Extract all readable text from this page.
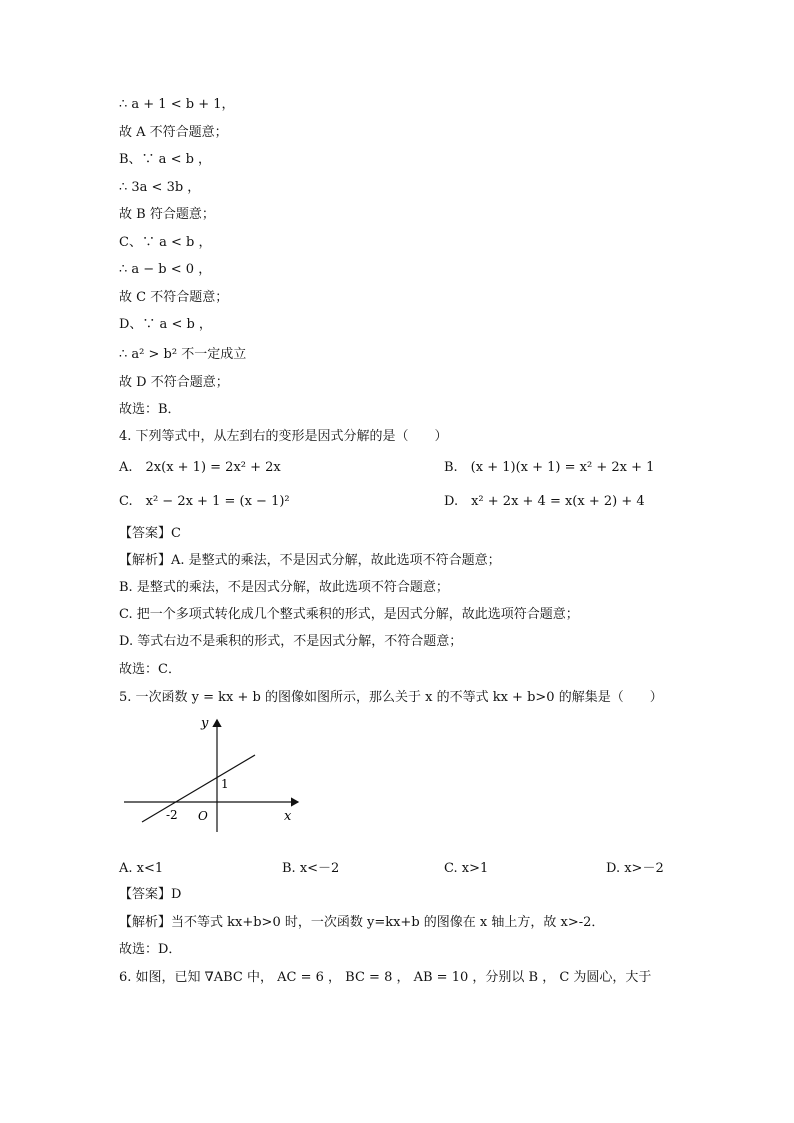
∴ a + 1 < b + 1，
故 A 不符合题意；
B、∵ a < b ，
∴ 3a < 3b ，
故 B 符合题意；
C、∵ a < b ，
∴ a − b < 0 ，
故 C 不符合题意；
D、∵ a < b ，
∴ a² > b² 不一定成立
故 D 不符合题意；
故选：B．
4. 下列等式中，从左到右的变形是因式分解的是（　　）
A.　2x(x + 1) = 2x² + 2x	B.　(x + 1)(x + 1) = x² + 2x + 1
C.　x² − 2x + 1 = (x − 1)²	D.　x² + 2x + 4 = x(x + 2) + 4
【答案】C
【解析】A. 是整式的乘法，不是因式分解，故此选项不符合题意；
B. 是整式的乘法，不是因式分解，故此选项不符合题意；
C. 把一个多项式转化成几个整式乘积的形式，是因式分解，故此选项符合题意；
D. 等式右边不是乘积的形式，不是因式分解，不符合题意；
故选：C．
5. 一次函数 y = kx + b 的图像如图所示，那么关于 x 的不等式 kx + b>0 的解集是（　　）
y
x
O
-2
1
A. x<1	B. x<－2	C. x>1	D. x>－2
【答案】D
【解析】当不等式 kx+b>0 时，一次函数 y=kx+b 的图像在 x 轴上方，故 x>-2．
故选：D．
6. 如图，已知 ∇ABC 中， AC = 6 ， BC = 8 ， AB = 10 ，分别以 B ， C 为圆心，大于
